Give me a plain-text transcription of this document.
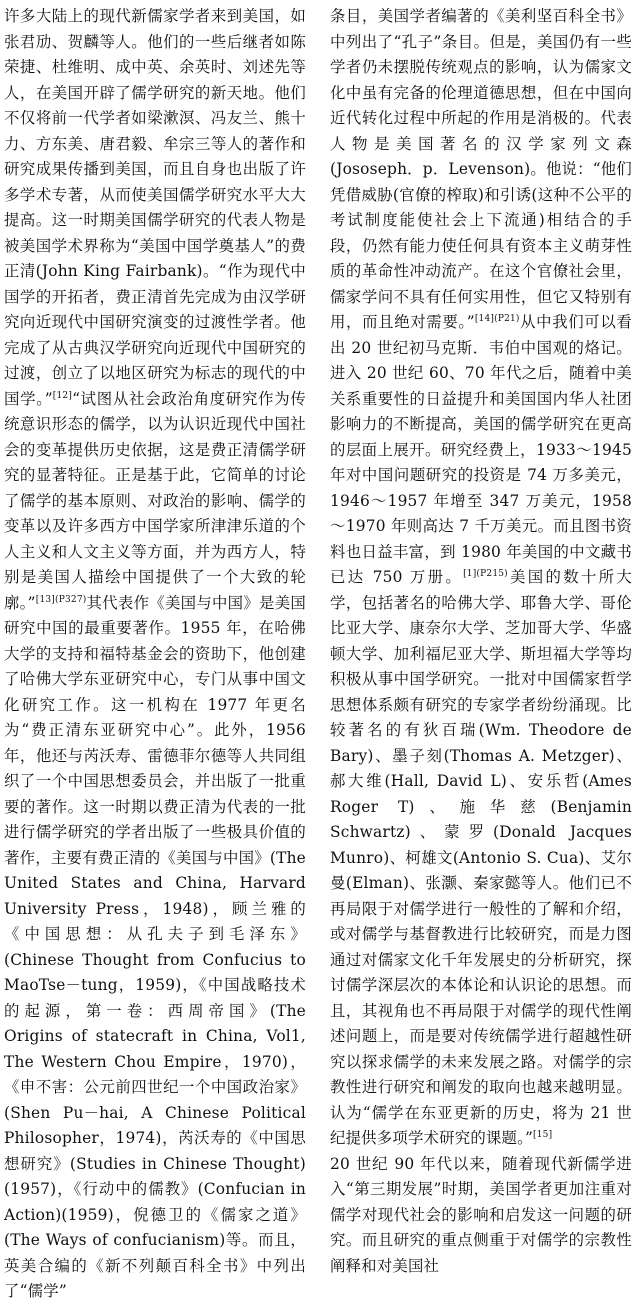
许多大陆上的现代新儒家学者来到美国，如张君劢、贺麟等人。他们的一些后继者如陈荣捷、杜维明、成中英、余英时、刘述先等人，在美国开辟了儒学研究的新天地。他们不仅将前一代学者如梁漱溟、冯友兰、熊十力、方东美、唐君毅、牟宗三等人的著作和研究成果传播到美国，而且自身也出版了许多学术专著，从而使美国儒学研究水平大大提高。这一时期美国儒学研究的代表人物是被美国学术界称为“美国中国学奠基人”的费正清(John King Fairbank)。“作为现代中国学的开拓者，费正清首先完成为由汉学研究向近现代中国研究演变的过渡性学者。他完成了从古典汉学研究向近现代中国研究的过渡，创立了以地区研究为标志的现代的中国学。”[12]“试图从社会政治角度研究作为传统意识形态的儒学，以为认识近现代中国社会的变革提供历史依据，这是费正清儒学研究的显著特征。正是基于此，它简单的讨论了儒学的基本原则、对政治的影响、儒学的变革以及许多西方中国学家所津津乐道的个人主义和人文主义等方面，并为西方人，特别是美国人描绘中国提供了一个大致的轮廓。”$^{[13](P327)}$其代表作《美国与中国》是美国研究中国的最重要著作。1955 年，在哈佛大学的支持和福特基金会的资助下，他创建了哈佛大学东亚研究中心，专门从事中国文化研究工作。这一机构在 1977 年更名为“费正清东亚研究中心”。此外，1956 年，他还与芮沃寿、雷德菲尔德等人共同组织了一个中国思想委员会，并出版了一批重要的著作。这一时期以费正清为代表的一批进行儒学研究的学者出版了一些极具价值的著作，主要有费正清的《美国与中国》(The United States and China, Harvard University Press，1948)，顾兰雅的《中国思想：从孔夫子到毛泽东》(Chinese Thought from Confucius to MaoTse－tung，1959)，《中国战略技术的起源，第一卷：西周帝国》(The Origins of statecraft in China, Vol1, The Western Chou Empire，1970)，《申不害：公元前四世纪一个中国政治家》(Shen Pu－hai, A Chinese Political Philosopher，1974)，芮沃寿的《中国思想研究》(Studies in Chinese Thought)(1957)，《行动中的儒教》(Confucian in Action)(1959)，倪德卫的《儒家之道》(The Ways of confucianism)等。而且，英美合编的《新不列颠百科全书》中列出了“儒学”

条目，美国学者编著的《美利坚百科全书》中列出了“孔子”条目。但是，美国仍有一些学者仍未摆脱传统观点的影响，认为儒家文化中虽有完备的伦理道德思想，但在中国向近代转化过程中所起的作用是消极的。代表人物是美国著名的汉学家列文森(Jososeph．p．Levenson)。他说：“他们凭借威胁(官僚的榨取)和引诱(这种不公平的考试制度能使社会上下流通)相结合的手段，仍然有能力使任何具有资本主义萌芽性质的革命性冲动流产。在这个官僚社会里，儒家学问不具有任何实用性，但它又特别有用，而且绝对需要。”$^{[14](P21)}$从中我们可以看出 20 世纪初马克斯．韦伯中国观的烙记。进入 20 世纪 60、70 年代之后，随着中美关系重要性的日益提升和美国国内华人社团影响力的不断提高，美国的儒学研究在更高的层面上展开。研究经费上，1933～1945 年对中国问题研究的投资是 74 万多美元，1946～1957 年增至 347 万美元，1958～1970 年则高达 7 千万美元。而且图书资料也日益丰富，到 1980 年美国的中文藏书已达 750 万册。$^{[1](P215)}$美国的数十所大学，包括著名的哈佛大学、耶鲁大学、哥伦比亚大学、康奈尔大学、芝加哥大学、华盛顿大学、加利福尼亚大学、斯坦福大学等均积极从事中国学研究。一批对中国儒家哲学思想体系颇有研究的专家学者纷纷涌现。比较著名的有狄百瑞(Wm. Theodore de Bary)、墨子刻(Thomas A. Metzger)、郝大维(Hall, David L)、安乐哲(Ames Roger T)、施华慈(Benjamin Schwartz)、蒙罗(Donald Jacques Munro)、柯雄文(Antonio S. Cua)、艾尔曼(Elman)、张灏、秦家懿等人。他们已不再局限于对儒学进行一般性的了解和介绍，或对儒学与基督教进行比较研究，而是力图通过对儒家文化千年发展史的分析研究，探讨儒学深层次的本体论和认识论的思想。而且，其视角也不再局限于对儒学的现代性阐述问题上，而是要对传统儒学进行超越性研究以探求儒学的未来发展之路。对儒学的宗教性进行研究和阐发的取向也越来越明显。认为“儒学在东亚更新的历史，将为 21 世纪提供多项学术研究的课题。”[15]

20 世纪 90 年代以来，随着现代新儒学进入“第三期发展”时期，美国学者更加注重对儒学对现代社会的影响和启发这一问题的研究。而且研究的重点侧重于对儒学的宗教性阐释和对美国社
